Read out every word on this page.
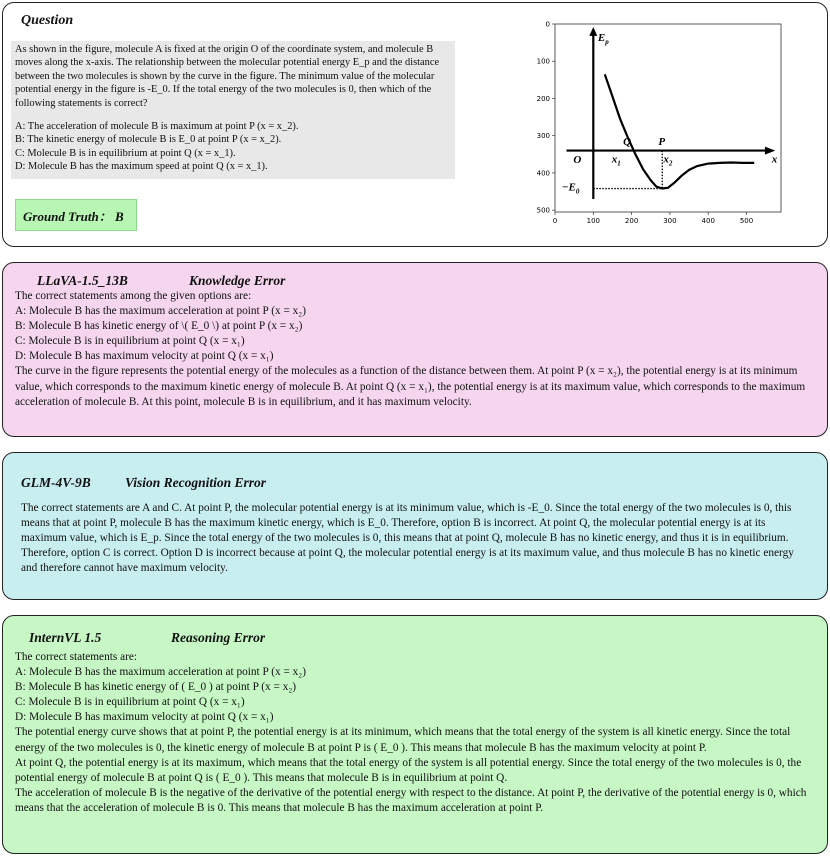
Question

As shown in the figure, molecule A is fixed at the origin O of the coordinate system, and molecule B moves along the x-axis. The relationship between the molecular potential energy E_p and the distance between the two molecules is shown by the curve in the figure. The minimum value of the molecular potential energy in the figure is -E_0. If the total energy of the two molecules is 0, then which of the following statements is correct?

A: The acceleration of molecule B is maximum at point P (x = x_2).

B: The kinetic energy of molecule B is E_0 at point P (x = x_2).

C: Molecule B is in equilibrium at point Q (x = x_1).

D: Molecule B has the maximum speed at point Q (x = x_1).

Ground Truth： B	0	100	200	300	400	500
0
100
200
300
400
500
$E_p$
x
O
Q P
$x_1$	$x_2$
$-E_0$
LLaVA-1.5_13B	Knowledge Error

The correct statements among the given options are:

A: Molecule B has the maximum acceleration at point P (x = x₂)

B: Molecule B has kinetic energy of \( E_0 \) at point P (x = x₂)

C: Molecule B is in equilibrium at point Q (x = x₁)

D: Molecule B has maximum velocity at point Q (x = x₁)

The curve in the figure represents the potential energy of the molecules as a function of the distance between them. At point P (x = x₂), the potential energy is at its minimum value, which corresponds to the maximum kinetic energy of molecule B. At point Q (x = x₁), the potential energy is at its maximum value, which corresponds to the maximum acceleration of molecule B. At this point, molecule B is in equilibrium, and it has maximum velocity.

GLM-4V-9B	Vision Recognition Error

The correct statements are A and C. At point P, the molecular potential energy is at its minimum value, which is -E_0. Since the total energy of the two molecules is 0, this means that at point P, molecule B has the maximum kinetic energy, which is E_0. Therefore, option B is incorrect. At point Q, the molecular potential energy is at its maximum value, which is E_p. Since the total energy of the two molecules is 0, this means that at point Q, molecule B has no kinetic energy, and thus it is in equilibrium. Therefore, option C is correct. Option D is incorrect because at point Q, the molecular potential energy is at its maximum value, and thus molecule B has no kinetic energy and therefore cannot have maximum velocity.

InternVL 1.5	Reasoning Error

The correct statements are:

A: Molecule B has the maximum acceleration at point P (x = x₂)

B: Molecule B has kinetic energy of ( E_0 ) at point P (x = x₂)

C: Molecule B is in equilibrium at point Q (x = x₁)

D: Molecule B has maximum velocity at point Q (x = x₁)

The potential energy curve shows that at point P, the potential energy is at its minimum, which means that the total energy of the system is all kinetic energy. Since the total energy of the two molecules is 0, the kinetic energy of molecule B at point P is ( E_0 ). This means that molecule B has the maximum velocity at point P.

At point Q, the potential energy is at its maximum, which means that the total energy of the system is all potential energy. Since the total energy of the two molecules is 0, the potential energy of molecule B at point Q is ( E_0 ). This means that molecule B is in equilibrium at point Q.

The acceleration of molecule B is the negative of the derivative of the potential energy with respect to the distance. At point P, the derivative of the potential energy is 0, which means that the acceleration of molecule B is 0. This means that molecule B has the maximum acceleration at point P.
